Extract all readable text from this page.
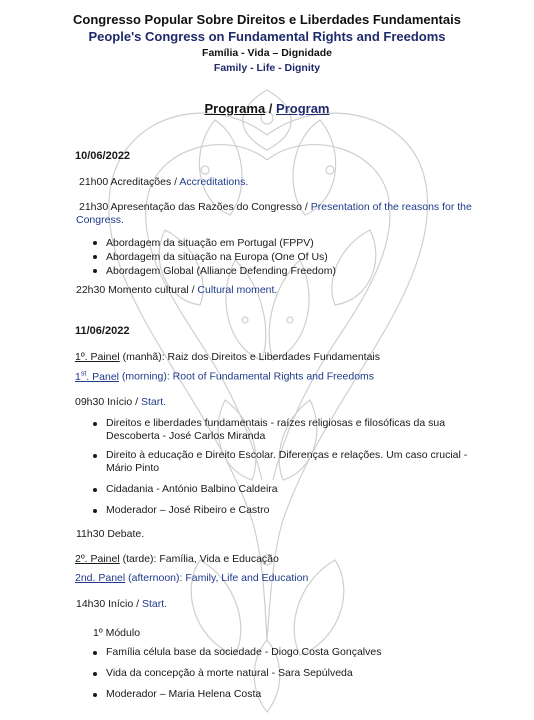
Congresso Popular Sobre Direitos e Liberdades Fundamentais
People's Congress on Fundamental Rights and Freedoms
Família - Vida – Dignidade
Family - Life - Dignity
Programa / Program
10/06/2022
21h00 Acreditações / Accreditations.
21h30 Apresentação das Razões do Congresso / Presentation of the reasons for the
Congress.
Abordagem da situação em Portugal (FPPV)
Abordagem da situação na Europa (One Of Us)
Abordagem Global (Alliance Defending Freedom)
22h30 Momento cultural / Cultural moment.
11/06/2022
1º. Painel (manhã): Raiz dos Direitos e Liberdades Fundamentais
1st. Panel (morning): Root of Fundamental Rights and Freedoms
09h30 Início / Start.
Direitos e liberdades fundamentais - raízes religiosas e filosóficas da sua
Descoberta - José Carlos Miranda
Direito à educação e Direito Escolar. Diferenças e relações. Um caso crucial -
Mário Pinto
Cidadania - António Balbino Caldeira
Moderador – José Ribeiro e Castro
11h30 Debate.
2º. Painel (tarde): Família, Vida e Educação
2nd. Panel (afternoon): Family, Life and Education
14h30 Início / Start.
1º Módulo
Família célula base da sociedade - Diogo Costa Gonçalves
Vida da concepção à morte natural - Sara Sepúlveda
Moderador – Maria Helena Costa
